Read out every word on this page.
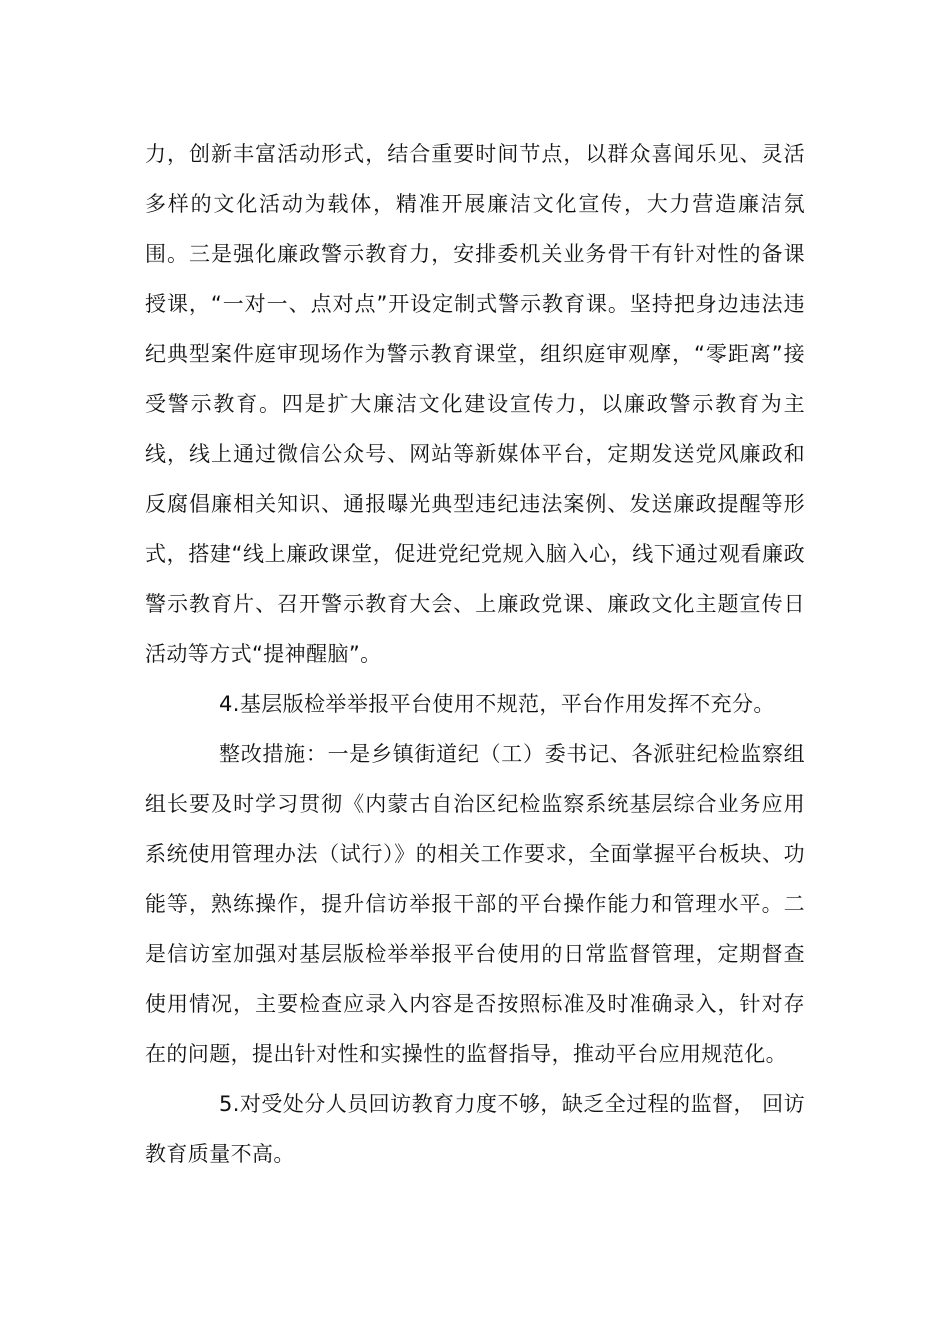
力，创新丰富活动形式，结合重要时间节点，以群众喜闻乐见、灵活多样的文化活动为载体，精准开展廉洁文化宣传，大力营造廉洁氛围。三是强化廉政警示教育力，安排委机关业务骨干有针对性的备课授课，“一对一、点对点”开设定制式警示教育课。坚持把身边违法违纪典型案件庭审现场作为警示教育课堂，组织庭审观摩，“零距离”接受警示教育。四是扩大廉洁文化建设宣传力，以廉政警示教育为主线，线上通过微信公众号、网站等新媒体平台，定期发送党风廉政和反腐倡廉相关知识、通报曝光典型违纪违法案例、发送廉政提醒等形式，搭建“线上廉政课堂，促进党纪党规入脑入心，线下通过观看廉政警示教育片、召开警示教育大会、上廉政党课、廉政文化主题宣传日活动等方式“提神醒脑”。

4.基层版检举举报平台使用不规范，平台作用发挥不充分。

整改措施：一是乡镇街道纪（工）委书记、各派驻纪检监察组组长要及时学习贯彻《内蒙古自治区纪检监察系统基层综合业务应用系统使用管理办法（试行）》的相关工作要求，全面掌握平台板块、功能等，熟练操作，提升信访举报干部的平台操作能力和管理水平。二是信访室加强对基层版检举举报平台使用的日常监督管理，定期督查使用情况，主要检查应录入内容是否按照标准及时准确录入，针对存在的问题，提出针对性和实操性的监督指导，推动平台应用规范化。

5.对受处分人员回访教育力度不够，缺乏全过程的监督， 回访教育质量不高。
